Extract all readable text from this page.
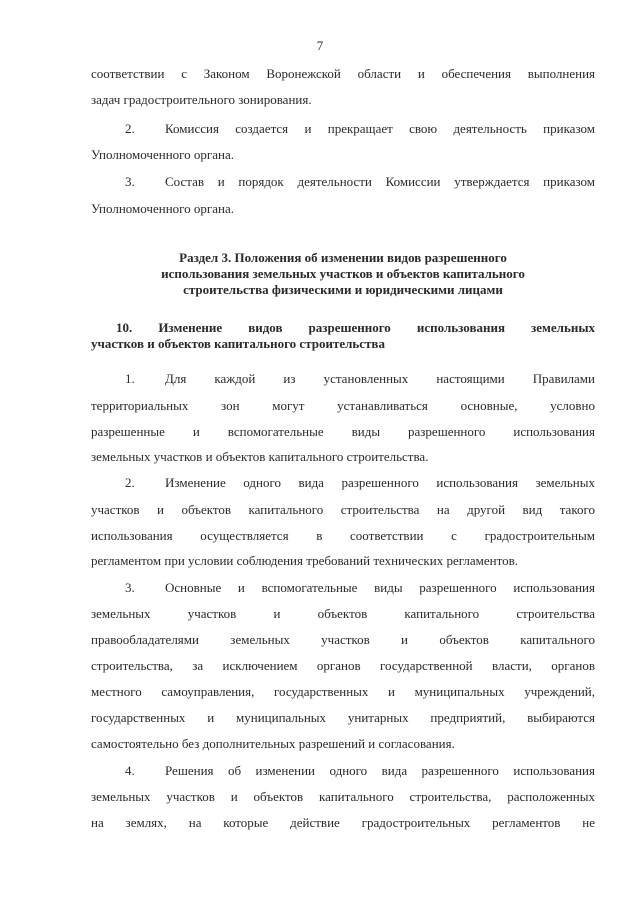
7
соответствии с Законом Воронежской области и обеспечения выполнения
задач градостроительного зонирования.
2. Комиссия создается и прекращает свою деятельность приказом
Уполномоченного органа.
3. Состав и порядок деятельности Комиссии утверждается приказом
Уполномоченного органа.
Раздел 3. Положения об изменении видов разрешенного
использования земельных участков и объектов капитального
строительства физическими и юридическими лицами
10. Изменение видов разрешенного использования земельных
участков и объектов капитального строительства
1. Для каждой из установленных настоящими Правилами
территориальных зон могут устанавливаться основные, условно
разрешенные и вспомогательные виды разрешенного использования
земельных участков и объектов капитального строительства.
2. Изменение одного вида разрешенного использования земельных
участков и объектов капитального строительства на другой вид такого
использования осуществляется в соответствии с градостроительным
регламентом при условии соблюдения требований технических регламентов.
3. Основные и вспомогательные виды разрешенного использования
земельных участков и объектов капитального строительства
правообладателями земельных участков и объектов капитального
строительства, за исключением органов государственной власти, органов
местного самоуправления, государственных и муниципальных учреждений,
государственных и муниципальных унитарных предприятий, выбираются
самостоятельно без дополнительных разрешений и согласования.
4. Решения об изменении одного вида разрешенного использования
земельных участков и объектов капитального строительства, расположенных
на землях, на которые действие градостроительных регламентов не
